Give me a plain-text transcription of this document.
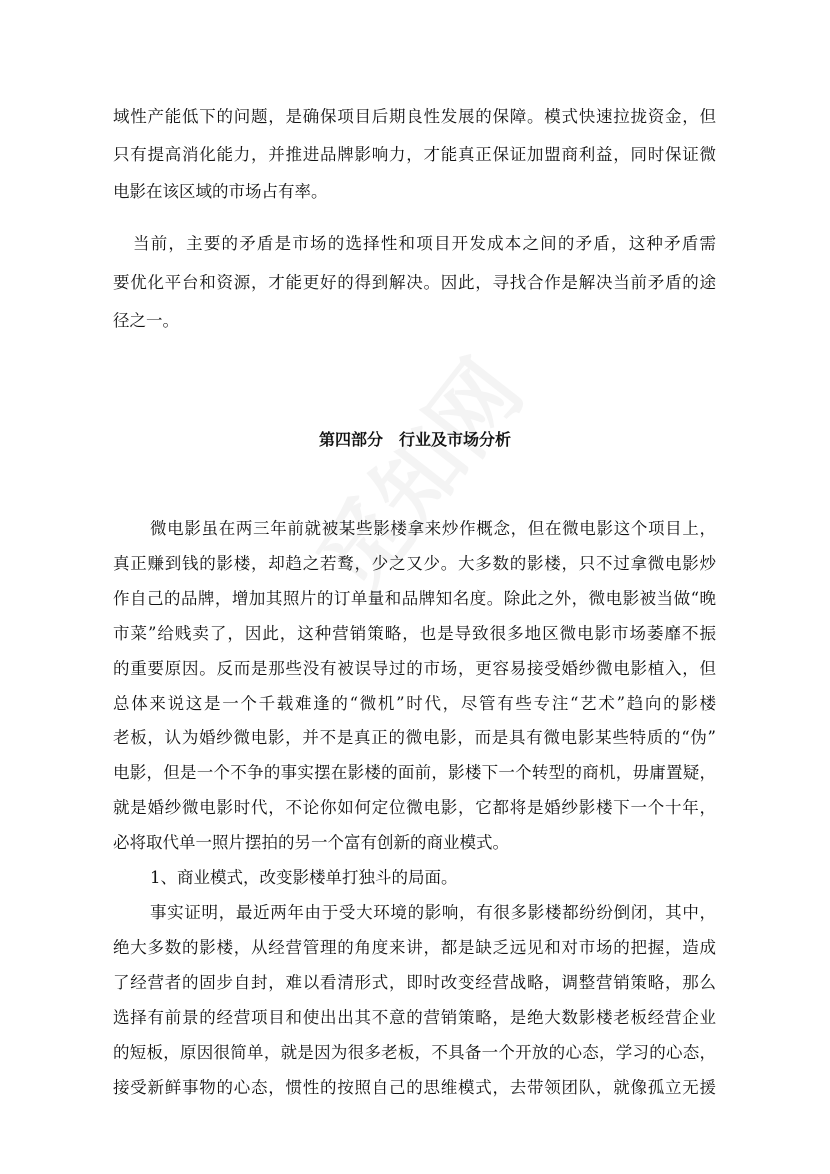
域性产能低下的问题，是确保项目后期良性发展的保障。模式快速拉拢资金，但
只有提高消化能力，并推进品牌影响力，才能真正保证加盟商利益，同时保证微
电影在该区域的市场占有率。
当前，主要的矛盾是市场的选择性和项目开发成本之间的矛盾，这种矛盾需
要优化平台和资源，才能更好的得到解决。因此，寻找合作是解决当前矛盾的途
径之一。
第四部分　行业及市场分析
微电影虽在两三年前就被某些影楼拿来炒作概念，但在微电影这个项目上，
真正赚到钱的影楼，却趋之若鹜，少之又少。大多数的影楼，只不过拿微电影炒
作自己的品牌，增加其照片的订单量和品牌知名度。除此之外，微电影被当做“晚
市菜”给贱卖了，因此，这种营销策略，也是导致很多地区微电影市场萎靡不振
的重要原因。反而是那些没有被误导过的市场，更容易接受婚纱微电影植入，但
总体来说这是一个千载难逢的“微机”时代，尽管有些专注“艺术”趋向的影楼
老板，认为婚纱微电影，并不是真正的微电影，而是具有微电影某些特质的“伪”
电影，但是一个不争的事实摆在影楼的面前，影楼下一个转型的商机，毋庸置疑，
就是婚纱微电影时代，不论你如何定位微电影，它都将是婚纱影楼下一个十年，
必将取代单一照片摆拍的另一个富有创新的商业模式。
1、商业模式，改变影楼单打独斗的局面。
事实证明，最近两年由于受大环境的影响，有很多影楼都纷纷倒闭，其中，
绝大多数的影楼，从经营管理的角度来讲，都是缺乏远见和对市场的把握，造成
了经营者的固步自封，难以看清形式，即时改变经营战略，调整营销策略，那么
选择有前景的经营项目和使出出其不意的营销策略，是绝大数影楼老板经营企业
的短板，原因很简单，就是因为很多老板，不具备一个开放的心态，学习的心态，
接受新鲜事物的心态，惯性的按照自己的思维模式，去带领团队，就像孤立无援
